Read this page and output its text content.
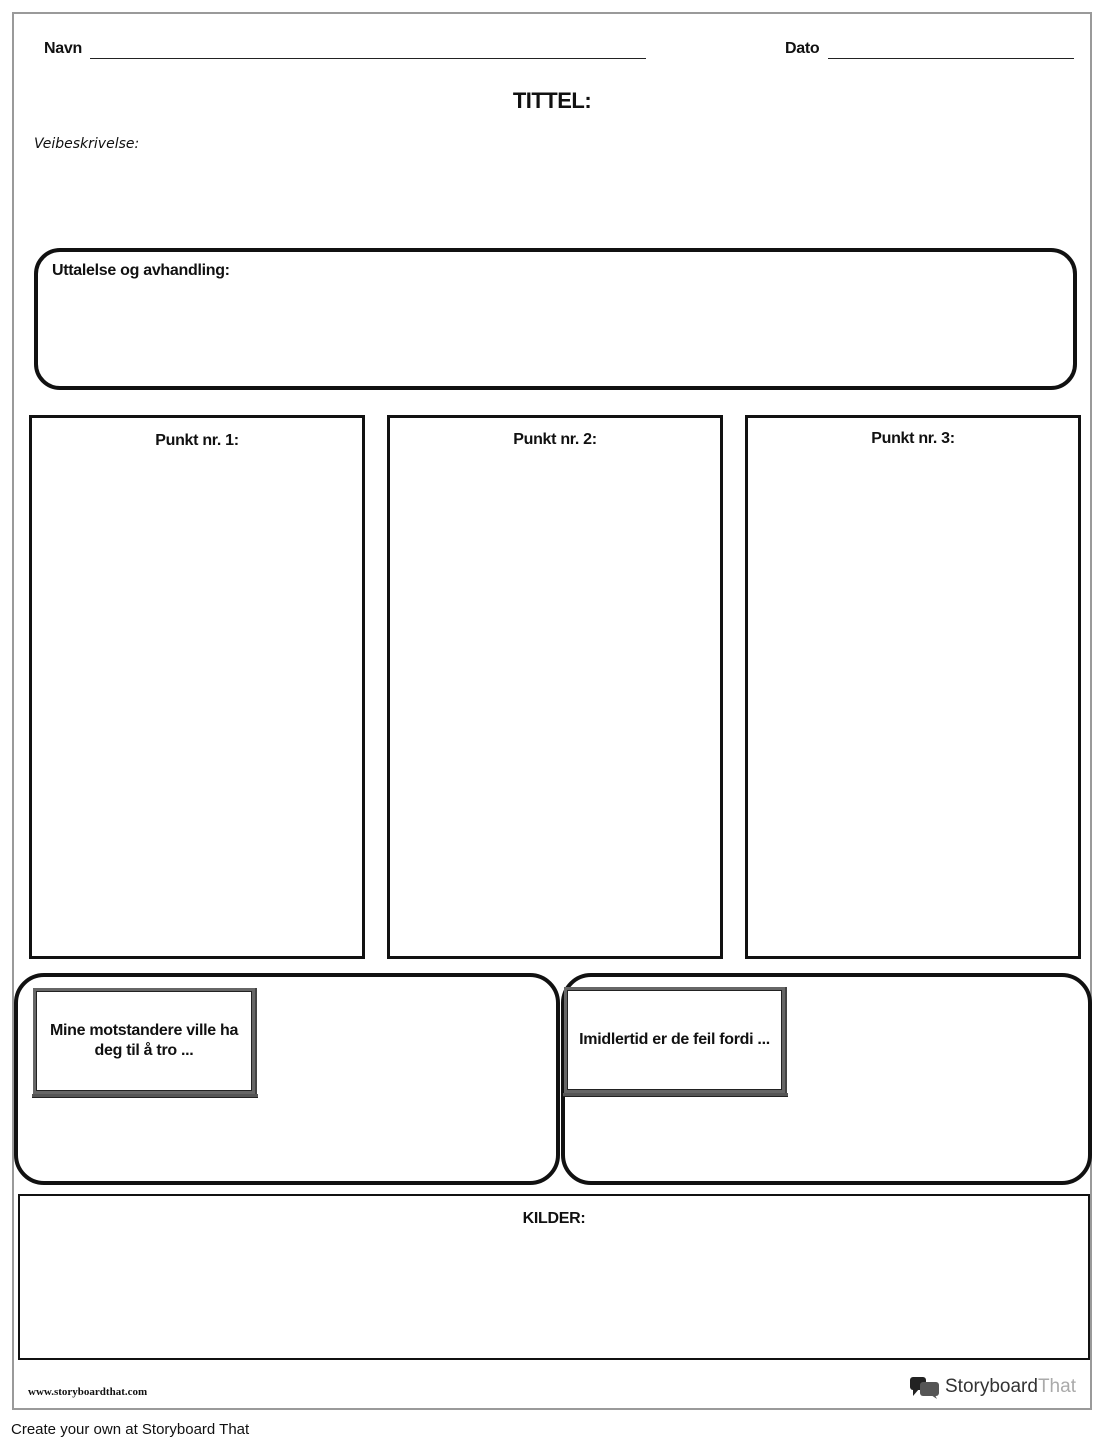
Navn	Dato
TITTEL:
Veibeskrivelse:
Uttalelse og avhandling:
Punkt nr. 1:	Punkt nr. 2:	Punkt nr. 3:
Mine motstandere ville ha deg til å tro ...
Imidlertid er de feil fordi ...
KILDER:
www.storyboardthat.com	Storyboard That
Create your own at Storyboard That
